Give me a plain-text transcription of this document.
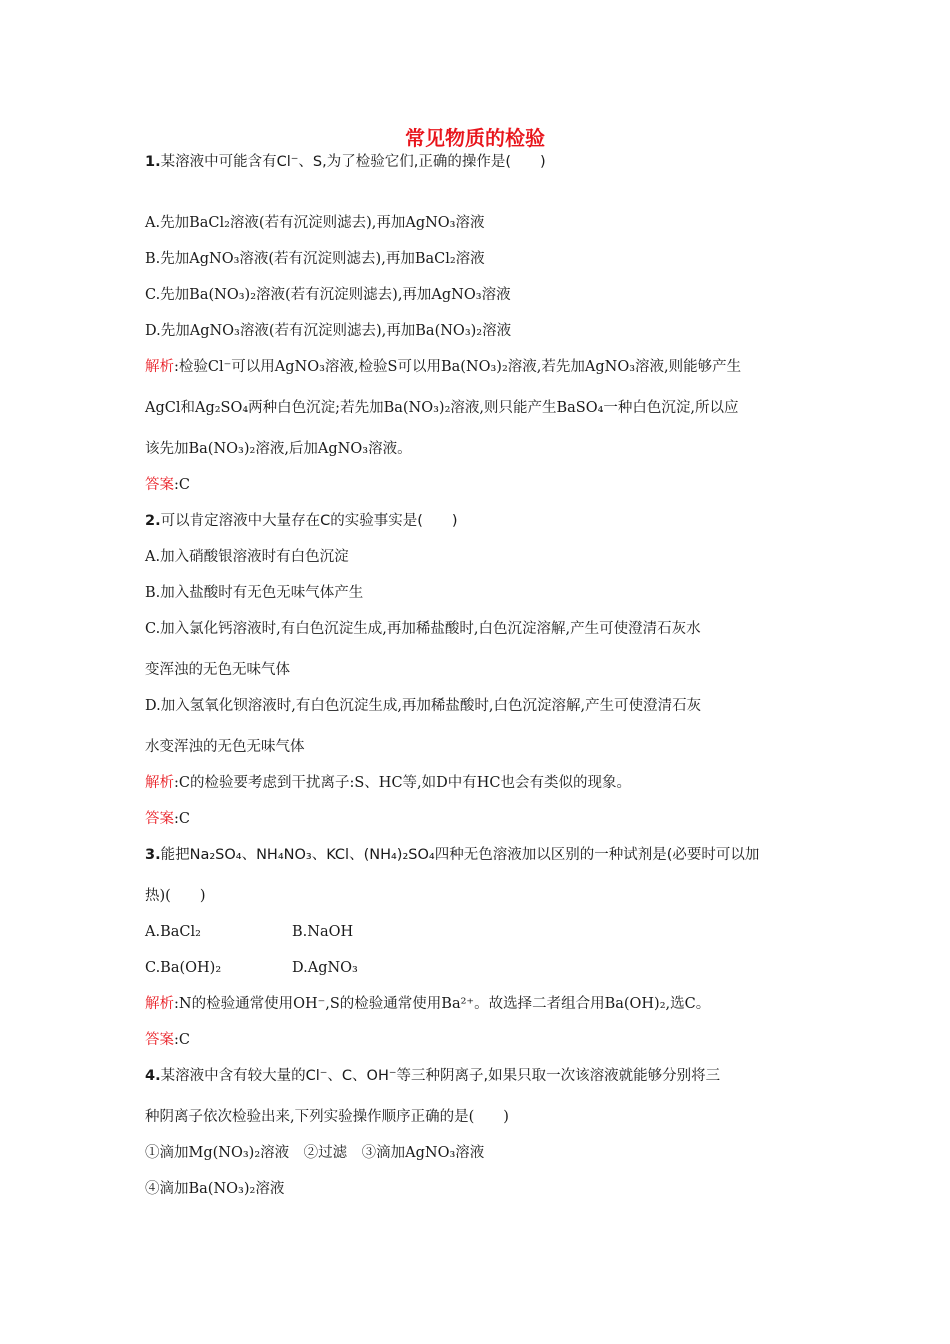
常见物质的检验
1.某溶液中可能含有Cl⁻、S,为了检验它们,正确的操作是(　　)
A.先加BaCl₂溶液(若有沉淀则滤去),再加AgNO₃溶液
B.先加AgNO₃溶液(若有沉淀则滤去),再加BaCl₂溶液
C.先加Ba(NO₃)₂溶液(若有沉淀则滤去),再加AgNO₃溶液
D.先加AgNO₃溶液(若有沉淀则滤去),再加Ba(NO₃)₂溶液
解析:检验Cl⁻可以用AgNO₃溶液,检验S可以用Ba(NO₃)₂溶液,若先加AgNO₃溶液,则能够产生
AgCl和Ag₂SO₄两种白色沉淀;若先加Ba(NO₃)₂溶液,则只能产生BaSO₄一种白色沉淀,所以应
该先加Ba(NO₃)₂溶液,后加AgNO₃溶液。
答案:C
2.可以肯定溶液中大量存在C的实验事实是(　　)
A.加入硝酸银溶液时有白色沉淀
B.加入盐酸时有无色无味气体产生
C.加入氯化钙溶液时,有白色沉淀生成,再加稀盐酸时,白色沉淀溶解,产生可使澄清石灰水
变浑浊的无色无味气体
D.加入氢氧化钡溶液时,有白色沉淀生成,再加稀盐酸时,白色沉淀溶解,产生可使澄清石灰
水变浑浊的无色无味气体
解析:C的检验要考虑到干扰离子:S、HC等,如D中有HC也会有类似的现象。
答案:C
3.能把Na₂SO₄、NH₄NO₃、KCl、(NH₄)₂SO₄四种无色溶液加以区别的一种试剂是(必要时可以加
热)(　　)
A.BaCl₂	B.NaOH
C.Ba(OH)₂	D.AgNO₃
解析:N的检验通常使用OH⁻,S的检验通常使用Ba²⁺。故选择二者组合用Ba(OH)₂,选C。
答案:C
4.某溶液中含有较大量的Cl⁻、C、OH⁻等三种阴离子,如果只取一次该溶液就能够分别将三
种阴离子依次检验出来,下列实验操作顺序正确的是(　　)
①滴加Mg(NO₃)₂溶液　②过滤　③滴加AgNO₃溶液
④滴加Ba(NO₃)₂溶液
